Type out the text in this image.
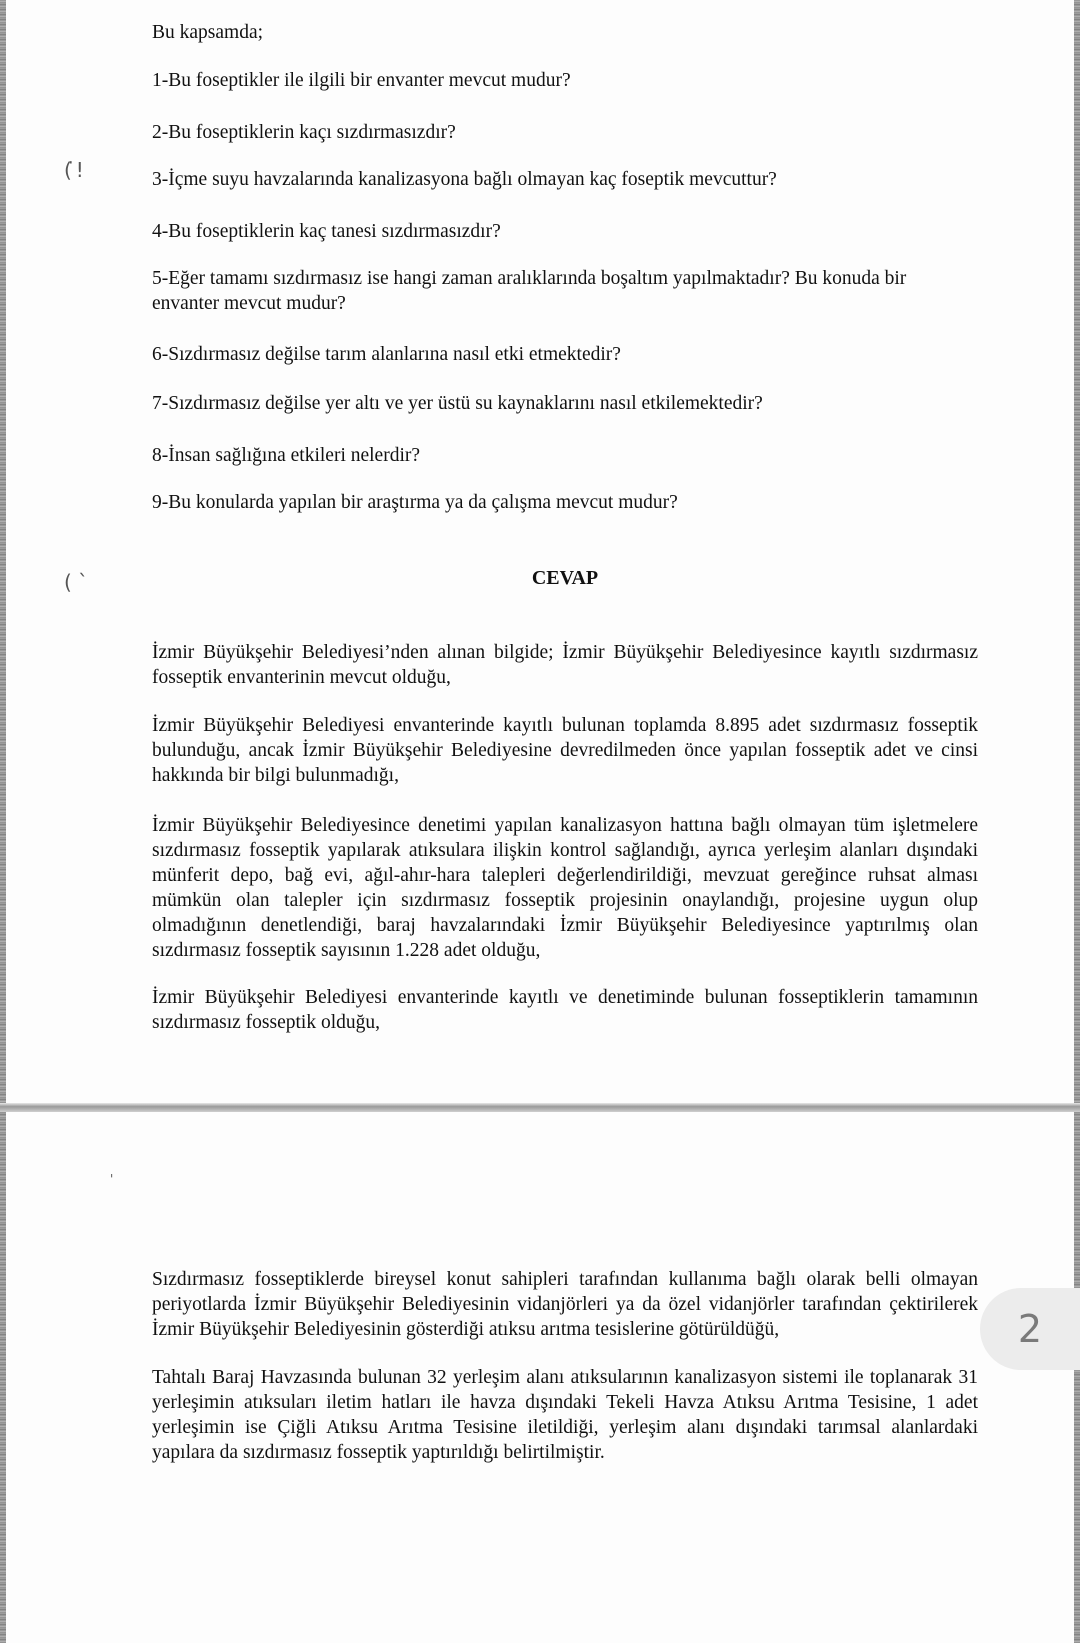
( ̇!
( ˋ

Bu kapsamda;

1-Bu foseptikler ile ilgili bir envanter mevcut mudur?

2-Bu foseptiklerin kaçı sızdırmasızdır?

3-İçme suyu havzalarında kanalizasyona bağlı olmayan kaç foseptik mevcuttur?

4-Bu foseptiklerin kaç tanesi sızdırmasızdır?

5-Eğer tamamı sızdırmasız ise hangi zaman aralıklarında boşaltım yapılmaktadır? Bu konuda bir envanter mevcut mudur?

6-Sızdırmasız değilse tarım alanlarına nasıl etki etmektedir?

7-Sızdırmasız değilse yer altı ve yer üstü su kaynaklarını nasıl etkilemektedir?

8-İnsan sağlığına etkileri nelerdir?

9-Bu konularda yapılan bir araştırma ya da çalışma mevcut mudur?

CEVAP

İzmir Büyükşehir Belediyesi’nden alınan bilgide; İzmir Büyükşehir Belediyesince kayıtlı sızdırmasız fosseptik envanterinin mevcut olduğu,

İzmir Büyükşehir Belediyesi envanterinde kayıtlı bulunan toplamda 8.895 adet sızdırmasız fosseptik bulunduğu, ancak İzmir Büyükşehir Belediyesine devredilmeden önce yapılan fosseptik adet ve cinsi hakkında bir bilgi bulunmadığı,

İzmir Büyükşehir Belediyesince denetimi yapılan kanalizasyon hattına bağlı olmayan tüm işletmelere sızdırmasız fosseptik yapılarak atıksulara ilişkin kontrol sağlandığı, ayrıca yerleşim alanları dışındaki münferit depo, bağ evi, ağıl-ahır-hara talepleri değerlendirildiği, mevzuat gereğince ruhsat alması mümkün olan talepler için sızdırmasız fosseptik projesinin onaylandığı, projesine uygun olup olmadığının denetlendiği, baraj havzalarındaki İzmir Büyükşehir Belediyesince yaptırılmış olan sızdırmasız fosseptik sayısının 1.228 adet olduğu,

İzmir Büyükşehir Belediyesi envanterinde kayıtlı ve denetiminde bulunan fosseptiklerin tamamının sızdırmasız fosseptik olduğu,

'

Sızdırmasız fosseptiklerde bireysel konut sahipleri tarafından kullanıma bağlı olarak belli olmayan periyotlarda İzmir Büyükşehir Belediyesinin vidanjörleri ya da özel vidanjörler tarafından çektirilerek İzmir Büyükşehir Belediyesinin gösterdiği atıksu arıtma tesislerine götürüldüğü,

Tahtalı Baraj Havzasında bulunan 32 yerleşim alanı atıksularının kanalizasyon sistemi ile toplanarak 31 yerleşimin atıksuları iletim hatları ile havza dışındaki Tekeli Havza Atıksu Arıtma Tesisine, 1 adet yerleşimin ise Çiğli Atıksu Arıtma Tesisine iletildiği, yerleşim alanı dışındaki tarımsal alanlardaki yapılara da sızdırmasız fosseptik yaptırıldığı belirtilmiştir.

2
